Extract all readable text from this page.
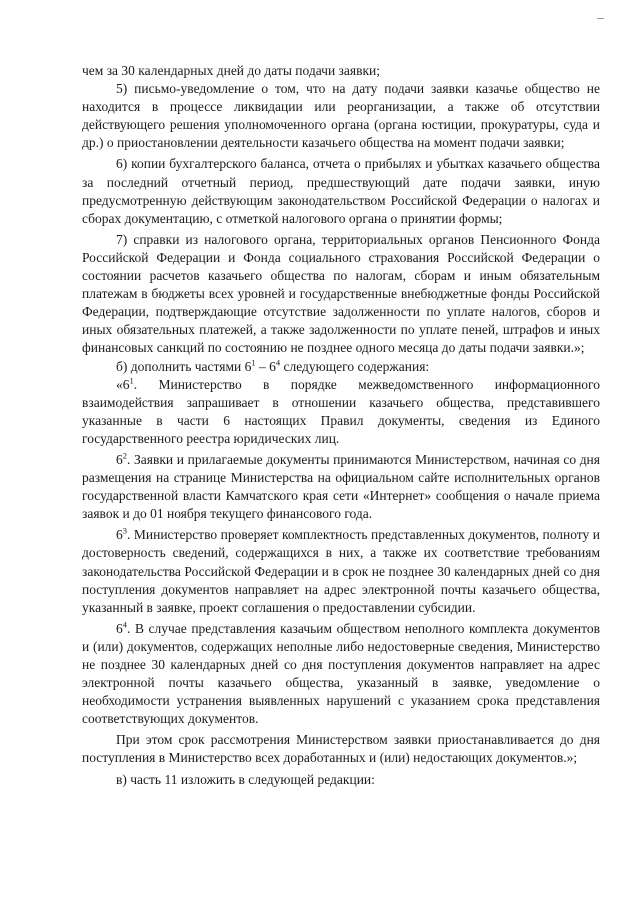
чем за 30 календарных дней до даты подачи заявки;

5) письмо-уведомление о том, что на дату подачи заявки казачье общество не находится в процессе ликвидации или реорганизации, а также об отсутствии действующего решения уполномоченного органа (органа юстиции, прокуратуры, суда и др.) о приостановлении деятельности казачьего общества на момент подачи заявки;

6) копии бухгалтерского баланса, отчета о прибылях и убытках казачьего общества за последний отчетный период, предшествующий дате подачи заявки, иную предусмотренную действующим законодательством Российской Федерации о налогах и сборах документацию, с отметкой налогового органа о принятии формы;

7) справки из налогового органа, территориальных органов Пенсионного Фонда Российской Федерации и Фонда социального страхования Российской Федерации о состоянии расчетов казачьего общества по налогам, сборам и иным обязательным платежам в бюджеты всех уровней и государственные внебюджетные фонды Российской Федерации, подтверждающие отсутствие задолженности по уплате налогов, сборов и иных обязательных платежей, а также задолженности по уплате пеней, штрафов и иных финансовых санкций по состоянию не позднее одного месяца до даты подачи заявки.»;

б) дополнить частями $6^1 - 6^4$ следующего содержания:

«$6^1$. Министерство в порядке межведомственного информационного взаимодействия запрашивает в отношении казачьего общества, представившего указанные в части 6 настоящих Правил документы, сведения из Единого государственного реестра юридических лиц.

$6^2$. Заявки и прилагаемые документы принимаются Министерством, начиная со дня размещения на странице Министерства на официальном сайте исполнительных органов государственной власти Камчатского края сети «Интернет» сообщения о начале приема заявок и до 01 ноября текущего финансового года.

$6^3$. Министерство проверяет комплектность представленных документов, полноту и достоверность сведений, содержащихся в них, а также их соответствие требованиям законодательства Российской Федерации и в срок не позднее 30 календарных дней со дня поступления документов направляет на адрес электронной почты казачьего общества, указанный в заявке, проект соглашения о предоставлении субсидии.

$6^4$. В случае представления казачьим обществом неполного комплекта документов и (или) документов, содержащих неполные либо недостоверные сведения, Министерство не позднее 30 календарных дней со дня поступления документов направляет на адрес электронной почты казачьего общества, указанный в заявке, уведомление о необходимости устранения выявленных нарушений с указанием срока представления соответствующих документов.

При этом срок рассмотрения Министерством заявки приостанавливается до дня поступления в Министерство всех доработанных и (или) недостающих документов.»;

в) часть 11 изложить в следующей редакции:
